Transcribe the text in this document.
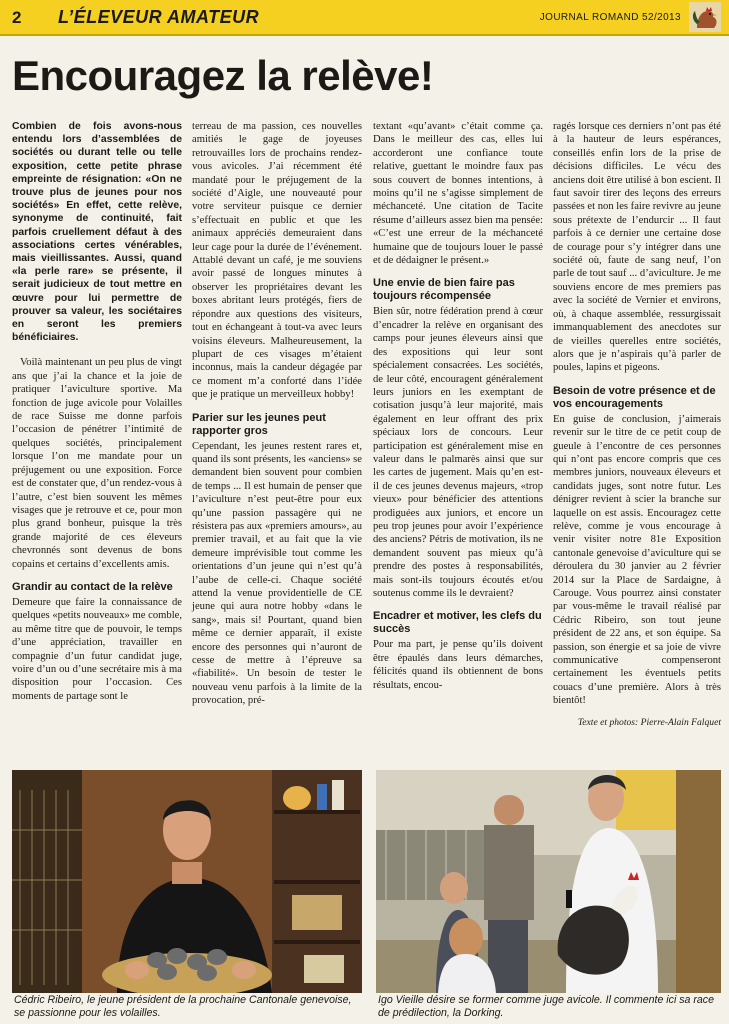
2 L’ÉLEVEUR AMATEUR	JOURNAL ROMAND 52/2013
Encouragez la relève!

Combien de fois avons-nous entendu lors d’assemblées de sociétés ou durant telle ou telle exposition, cette petite phrase empreinte de résignation: «On ne trouve plus de jeunes pour nos sociétés» En effet, cette relève, synonyme de continuité, fait parfois cruellement défaut à des associations certes vénérables, mais vieillissantes. Aussi, quand «la perle rare» se présente, il serait judicieux de tout mettre en œuvre pour lui permettre de prouver sa valeur, les sociétaires en seront les premiers bénéficiaires.

Voilà maintenant un peu plus de vingt ans que j’ai la chance et la joie de pratiquer l’aviculture sportive. Ma fonction de juge avicole pour Volailles de race Suisse me donne parfois l’occasion de pénétrer l’intimité de quelques sociétés, principalement lorsque l’on me mandate pour un préjugement ou une exposition. Force est de constater que, d’un rendez-vous à l’autre, c’est bien souvent les mêmes visages que je retrouve et ce, pour mon plus grand bonheur, puisque la très grande majorité de ces éleveurs chevronnés sont devenus de bons copains et certains d’excellents amis.

Grandir au contact de la relève

Demeure que faire la connaissance de quelques «petits nouveaux» me comble, au même titre que de pouvoir, le temps d’une appréciation, travailler en compagnie d’un futur candidat juge, voire d’un ou d’une secrétaire mis à ma disposition pour l’occasion. Ces moments de partage sont le

terreau de ma passion, ces nouvelles amitiés le gage de joyeuses retrouvailles lors de prochains rendez-vous avicoles. J’ai récemment été mandaté pour le préjugement de la société d’Aigle, une nouveauté pour votre serviteur puisque ce dernier s’effectuait en public et que les animaux appréciés demeuraient dans leur cage pour la durée de l’événement. Attablé devant un café, je me souviens avoir passé de longues minutes à observer les propriétaires devant les boxes abritant leurs protégés, fiers de répondre aux questions des visiteurs, tout en échangeant à tout-va avec leurs voisins éleveurs. Malheureusement, la plupart de ces visages m’étaient inconnus, mais la candeur dégagée par ce moment m’a conforté dans l’idée que je pratique un merveilleux hobby!

Parier sur les jeunes peut rapporter gros

Cependant, les jeunes restent rares et, quand ils sont présents, les «anciens» se demandent bien souvent pour combien de temps ... Il est humain de penser que l’aviculture n’est peut-être pour eux qu’une passion passagère qui ne résistera pas aux «premiers amours», au premier travail, et au fait que la vie demeure imprévisible tout comme les orientations d’un jeune qui n’est qu’à l’aube de celle-ci. Chaque société attend la venue providentielle de CE jeune qui aura notre hobby «dans le sang», mais si! Pourtant, quand bien même ce dernier apparaît, il existe encore des personnes qui n’auront de cesse de mettre à l’épreuve sa «fiabilité». Un besoin de tester le nouveau venu parfois à la limite de la provocation, pré-

textant «qu’avant» c’était comme ça. Dans le meilleur des cas, elles lui accorderont une confiance toute relative, guettant le moindre faux pas sous couvert de bonnes intentions, à moins qu’il ne s’agisse simplement de méchanceté. Une citation de Tacite résume d’ailleurs assez bien ma pensée: «C’est une erreur de la méchanceté humaine que de toujours louer le passé et de dédaigner le présent.»

Une envie de bien faire pas toujours récompensée

Bien sûr, notre fédération prend à cœur d’encadrer la relève en organisant des camps pour jeunes éleveurs ainsi que des expositions qui leur sont spécialement consacrées. Les sociétés, de leur côté, encouragent généralement leurs juniors en les exemptant de cotisation jusqu’à leur majorité, mais également en leur offrant des prix spéciaux lors de concours. Leur participation est généralement mise en valeur dans le palmarès ainsi que sur les cartes de jugement. Mais qu’en est-il de ces jeunes devenus majeurs, «trop vieux» pour bénéficier des attentions prodiguées aux juniors, et encore un peu trop jeunes pour avoir l’expérience des anciens? Pétris de motivation, ils ne demandent souvent pas mieux qu’à prendre des postes à responsabilités, mais sont-ils toujours écoutés et/ou soutenus comme ils le devraient?

Encadrer et motiver, les clefs du succès

Pour ma part, je pense qu’ils doivent être épaulés dans leurs démarches, félicités quand ils obtiennent de bons résultats, encou-

ragés lorsque ces derniers n’ont pas été à la hauteur de leurs espérances, conseillés enfin lors de la prise de décisions difficiles. Le vécu des anciens doit être utilisé à bon escient. Il faut savoir tirer des leçons des erreurs passées et non les faire revivre au jeune sous prétexte de l’endurcir ... Il faut parfois à ce dernier une certaine dose de courage pour s’y intégrer dans une société où, faute de sang neuf, l’on parle de tout sauf ... d’aviculture. Je me souviens encore de mes premiers pas avec la société de Vernier et environs, où, à chaque assemblée, ressurgissait immanquablement des anecdotes sur de vieilles querelles entre sociétés, alors que je n’aspirais qu’à parler de poules, lapins et pigeons.

Besoin de votre présence et de vos encouragements

En guise de conclusion, j’aimerais revenir sur le titre de ce petit coup de gueule à l’encontre de ces personnes qui n’ont pas encore compris que ces membres juniors, nouveaux éleveurs et candidats juges, sont notre futur. Les dénigrer revient à scier la branche sur laquelle on est assis. Encouragez cette relève, comme je vous encourage à venir visiter notre 81e Exposition cantonale genevoise d’aviculture qui se déroulera du 30 janvier au 2 février 2014 sur la Place de Sardaigne, à Carouge. Vous pourrez ainsi constater par vous-même le travail réalisé par Cédric Ribeiro, son tout jeune président de 22 ans, et son équipe. Sa passion, son énergie et sa joie de vivre communicative compenseront certainement les éventuels petits couacs d’une première. Alors à très bientôt!

Texte et photos: Pierre-Alain Falquet
Cédric Ribeiro, le jeune président de la prochaine Cantonale genevoise, se passionne pour les volailles.
Igo Vieille désire se former comme juge avicole. Il commente ici sa race de prédilection, la Dorking.
